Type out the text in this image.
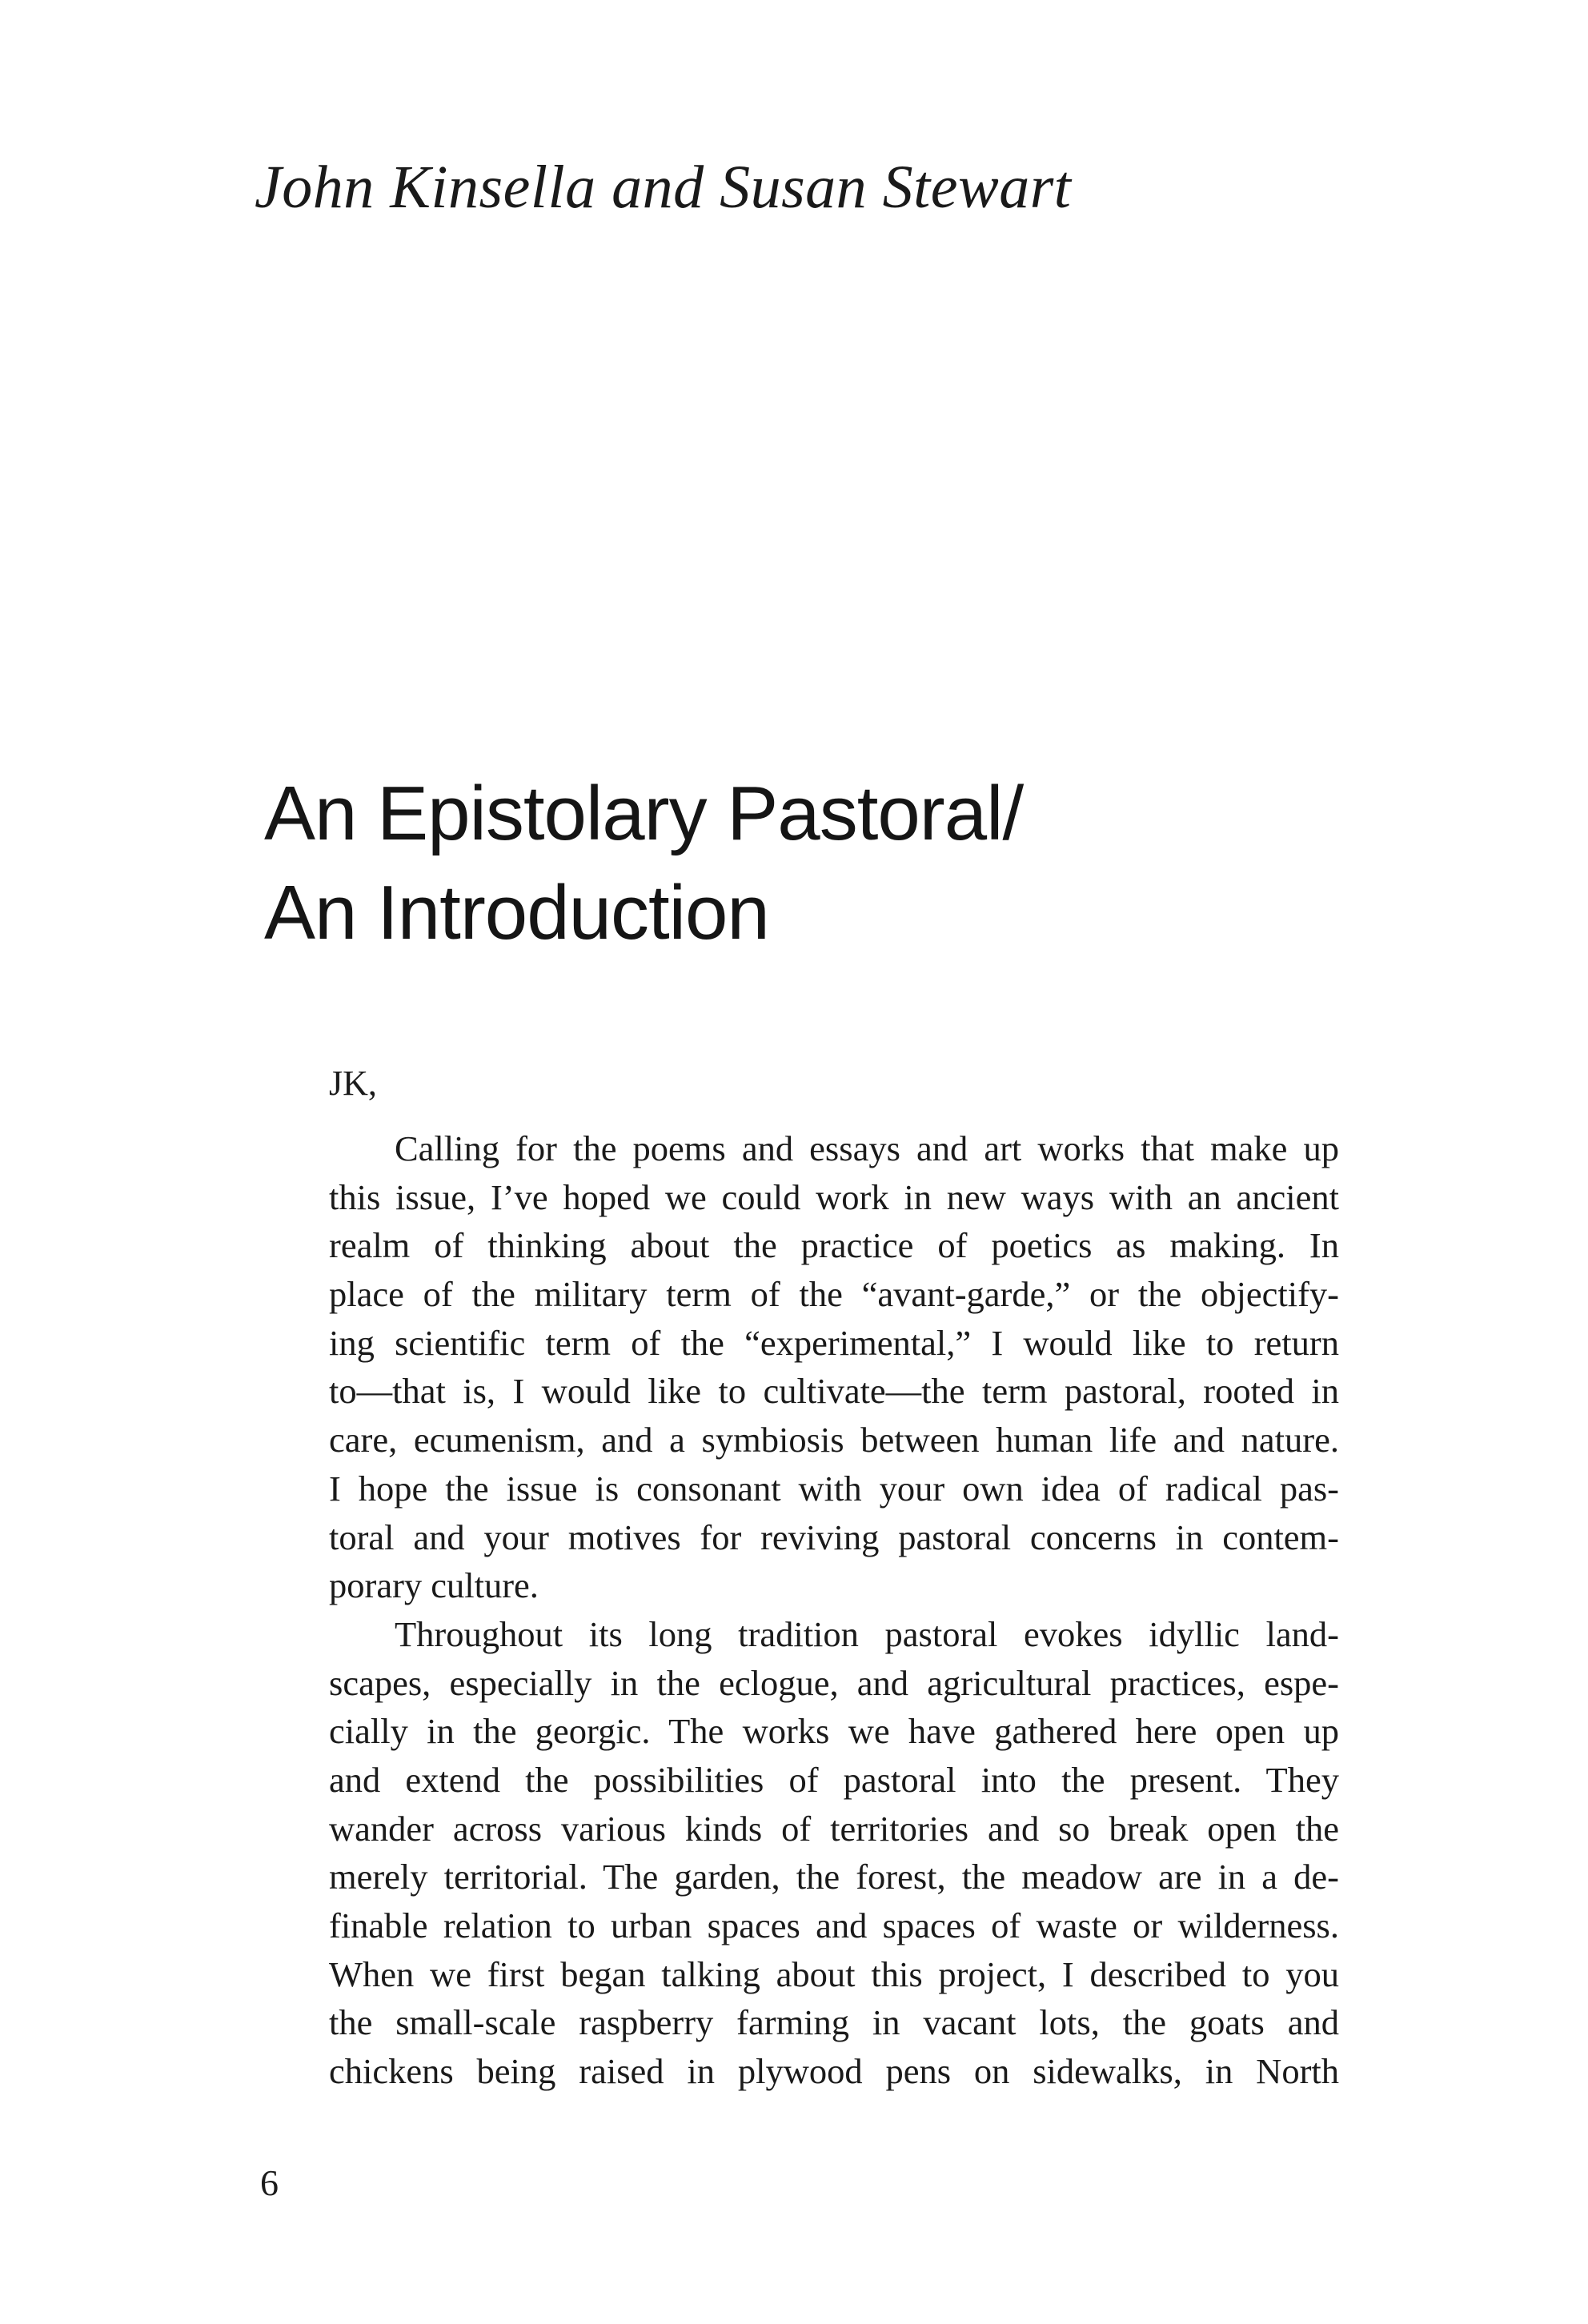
John Kinsella and Susan Stewart
An Epistolary Pastoral/
An Introduction
JK,
Calling for the poems and essays and art works that make up
this issue, I’ve hoped we could work in new ways with an ancient
realm of thinking about the practice of poetics as making. In
place of the military term of the “avant-garde,” or the objectify-
ing scientific term of the “experimental,” I would like to return
to—that is, I would like to cultivate—the term pastoral, rooted in
care, ecumenism, and a symbiosis between human life and nature.
I hope the issue is consonant with your own idea of radical pas-
toral and your motives for reviving pastoral concerns in contem-
porary culture.
Throughout its long tradition pastoral evokes idyllic land-
scapes, especially in the eclogue, and agricultural practices, espe-
cially in the georgic. The works we have gathered here open up
and extend the possibilities of pastoral into the present. They
wander across various kinds of territories and so break open the
merely territorial. The garden, the forest, the meadow are in a de-
finable relation to urban spaces and spaces of waste or wilderness.
When we first began talking about this project, I described to you
the small-scale raspberry farming in vacant lots, the goats and
chickens being raised in plywood pens on sidewalks, in North
6
